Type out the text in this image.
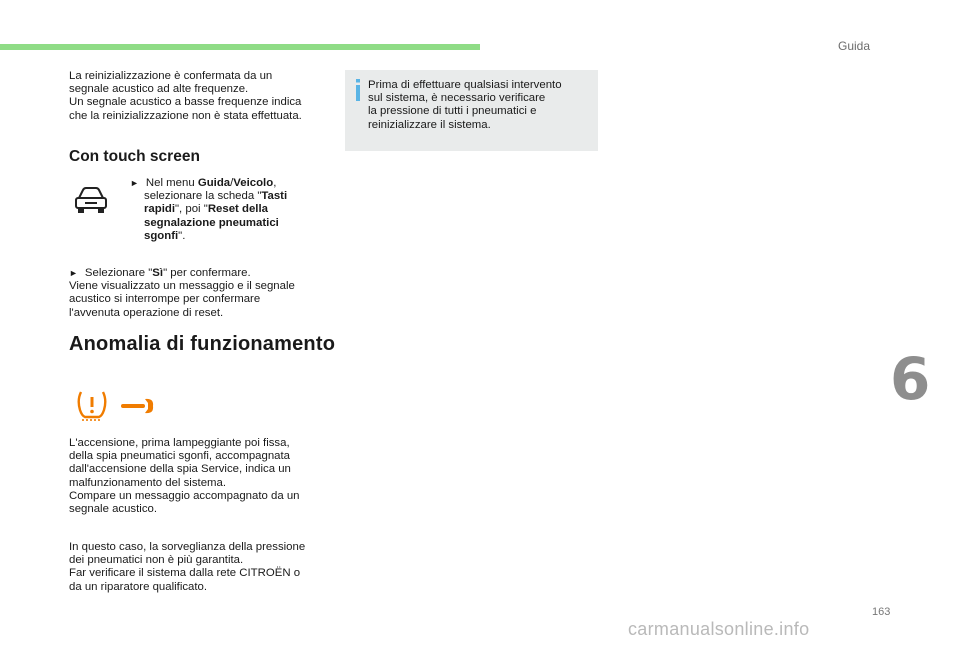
Guida

La reinizializzazione è confermata da un

segnale acustico ad alte frequenze.

Un segnale acustico a basse frequenze indica

che la reinizializzazione non è stata effettuata.

Con touch screen

► Nel menu Guida/Veicolo,

selezionare la scheda "Tasti

rapidi", poi "Reset della

segnalazione pneumatici

sgonfi".

► Selezionare "Sì" per confermare.

Viene visualizzato un messaggio e il segnale

acustico si interrompe per confermare

l'avvenuta operazione di reset.

Anomalia di funzionamento

L'accensione, prima lampeggiante poi fissa,

della spia pneumatici sgonfi, accompagnata

dall'accensione della spia Service, indica un

malfunzionamento del sistema.

Compare un messaggio accompagnato da un

segnale acustico.

In questo caso, la sorveglianza della pressione

dei pneumatici non è più garantita.

Far verificare il sistema dalla rete CITROËN o

da un riparatore qualificato.

Prima di effettuare qualsiasi intervento

sul sistema, è necessario verificare

la pressione di tutti i pneumatici e

reinizializzare il sistema.

6
163
carmanualsonline.info
